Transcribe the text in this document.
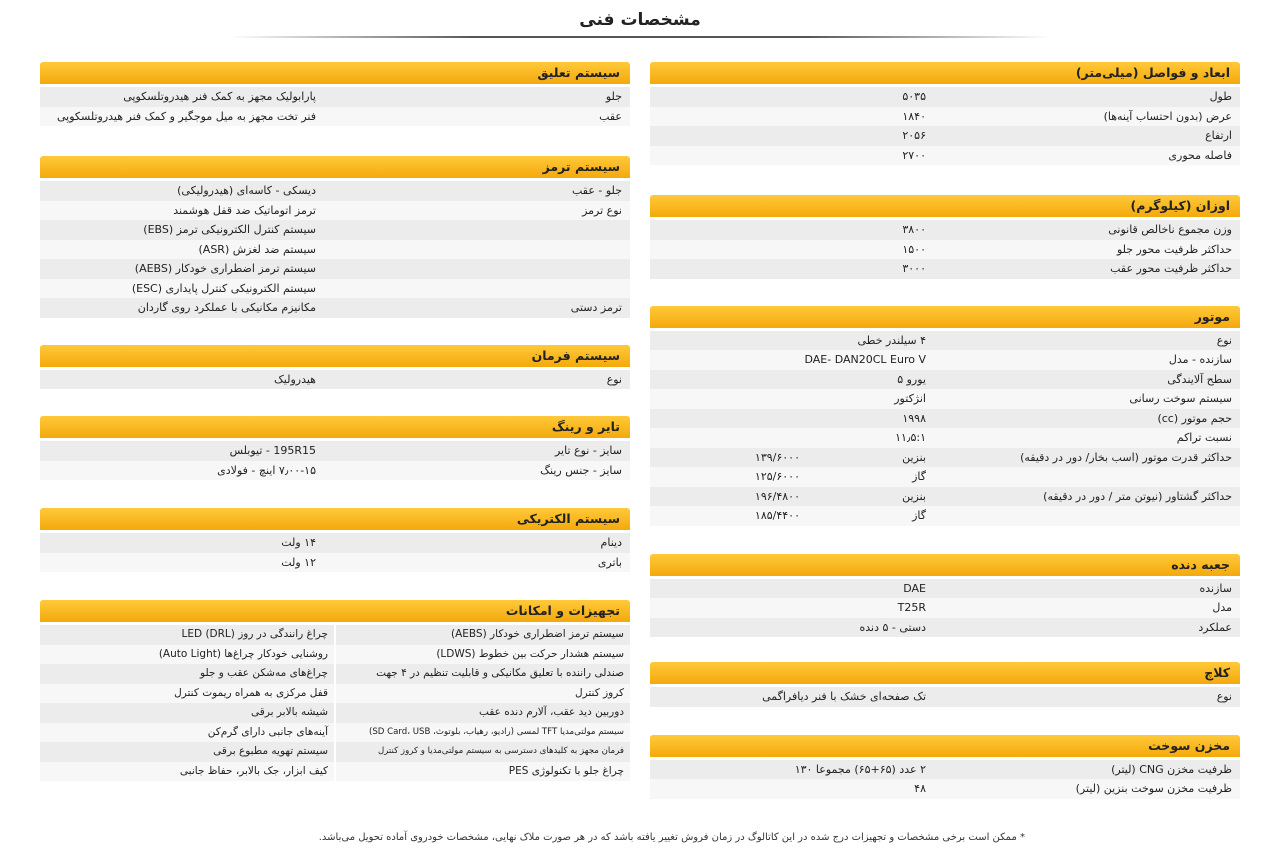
مشخصات فنی
ابعاد و فواصل (میلی‌متر)
طول
۵۰۳۵
عرض (بدون احتساب آینه‌ها)
۱۸۴۰
ارتفاع
۲۰۵۶
فاصله محوری
۲۷۰۰
اوزان (کیلوگرم)
وزن مجموع ناخالص قانونی
۳۸۰۰
حداکثر ظرفیت محور جلو
۱۵۰۰
حداکثر ظرفیت محور عقب
۳۰۰۰
موتور
نوع
۴ سیلندر خطی
سازنده - مدل
DAE- DAN20CL Euro V
سطح آلایندگی
یورو ۵
سیستم سوخت رسانی
انژکتور
حجم موتور (cc)
۱۹۹۸
نسبت تراکم
۱۱٫۵:۱
حداکثر قدرت موتور (اسب بخار/ دور در دقیقه)
بنزین
۱۳۹/۶۰۰۰
گاز
۱۲۵/۶۰۰۰
حداکثر گشتاور (نیوتن متر / دور در دقیقه)
بنزین
۱۹۶/۴۸۰۰
گاز
۱۸۵/۴۴۰۰
جعبه دنده
سازنده
DAE
مدل
T25R
عملکرد
دستی - ۵ دنده
کلاچ
نوع
تک صفحه‌ای خشک با فنر دیافراگمی
مخزن سوخت
ظرفیت مخزن CNG (لیتر)
۲ عدد (۶۵+۶۵) مجموعا ۱۳۰
ظرفیت مخزن سوخت بنزین (لیتر)
۴۸
سیستم تعلیق
جلو
پارابولیک مجهز به کمک فنر هیدروتلسکوپی
عقب
فنر تخت مجهز به میل موجگیر و کمک فنر هیدروتلسکوپی
سیستم ترمز
جلو - عقب
دیسکی - کاسه‌ای (هیدرولیکی)
نوع ترمز
ترمز اتوماتیک ضد قفل هوشمند
سیستم کنترل الکترونیکی ترمز (EBS)
سیستم ضد لغزش (ASR)
سیستم ترمز اضطراری خودکار (AEBS)
سیستم الکترونیکی کنترل پایداری (ESC)
ترمز دستی
مکانیزم مکانیکی با عملکرد روی گاردان
سیستم فرمان
نوع
هیدرولیک
تایر و رینگ
سایز - نوع تایر
195R15 - تیوبلس
سایز - جنس رینگ
۷٫۰۰-۱۵ اینچ - فولادی
سیستم الکتریکی
دینام
۱۴ ولت
باتری
۱۲ ولت
تجهیزات و امکانات
سیستم ترمز اضطراری خودکار (AEBS)
سیستم هشدار حرکت بین خطوط (LDWS)
صندلی راننده با تعلیق مکانیکی و قابلیت تنظیم در ۴ جهت
کروز کنترل
دوربین دید عقب، آلارم دنده عقب
سیستم مولتی‌مدیا TFT لمسی (رادیو، رهیاب، بلوتوث، SD Card، USB)
فرمان مجهز به کلیدهای دسترسی به سیستم مولتی‌مدیا و کروز کنترل
چراغ جلو با تکنولوژی PES
چراغ رانندگی در روز (DRL) LED
روشنایی خودکار چراغ‌ها (Auto Light)
چراغ‌های مه‌شکن عقب و جلو
قفل مرکزی به همراه ریموت کنترل
شیشه بالابر برقی
آینه‌های جانبی دارای گرم‌کن
سیستم تهویه مطبوع برقی
کیف ابزار، جک بالابر، حفاظ جانبی
* ممکن است برخی مشخصات و تجهیزات درج شده در این کاتالوگ در زمان فروش تغییر یافته باشد که در هر صورت ملاک نهایی، مشخصات خودروی آماده تحویل می‌باشد.
